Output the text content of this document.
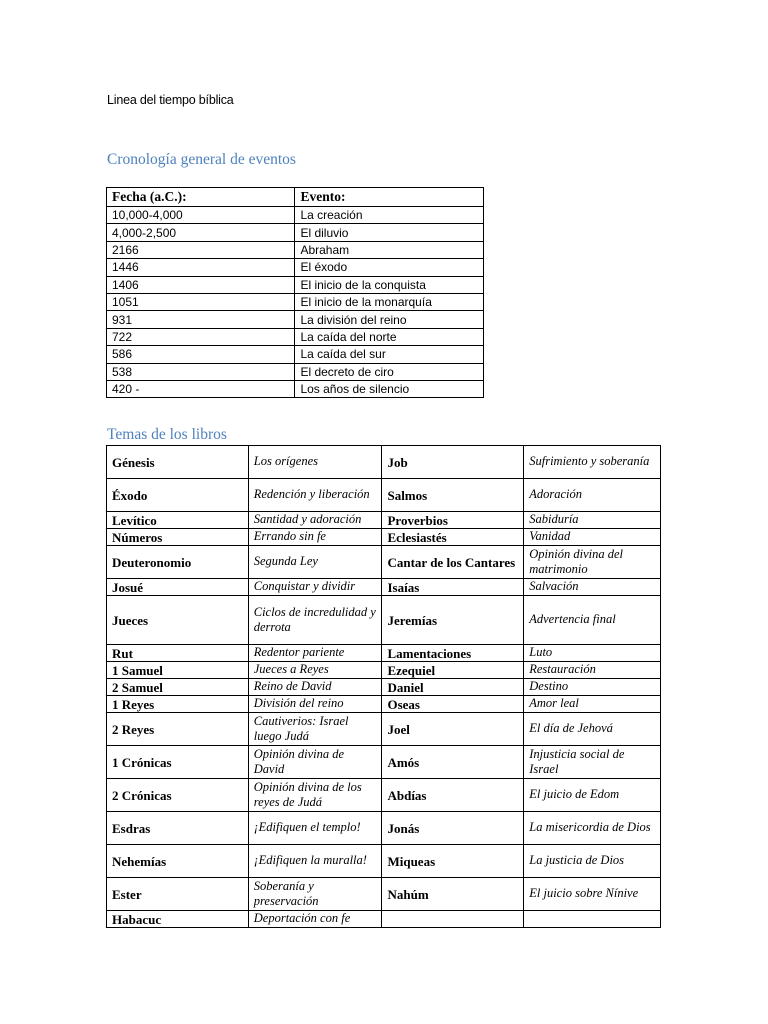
Linea del tiempo bíblica
Cronología general de eventos
Fecha (a.C.):	Evento:
10,000-4,000	La creación
4,000-2,500	El diluvio
2166	Abraham
1446	El éxodo
1406	El inicio de la conquista
1051	El inicio de la monarquía
931	La división del reino
722	La caída del norte
586	La caída del sur
538	El decreto de ciro
420 -	Los años de silencio
Temas de los libros
Génesis	Los orígenes	Job	Sufrimiento y soberanía
Éxodo	Redención y liberación	Salmos	Adoración
Levítico	Santidad y adoración	Proverbios	Sabiduría
Números	Errando sin fe	Eclesiastés	Vanidad
Deuteronomio	Segunda Ley	Cantar de los Cantares	Opinión divina del matrimonio
Josué	Conquistar y dividir	Isaías	Salvación
Jueces	Ciclos de incredulidad y derrota	Jeremías	Advertencia final
Rut	Redentor pariente	Lamentaciones	Luto
1 Samuel	Jueces a Reyes	Ezequiel	Restauración
2 Samuel	Reino de David	Daniel	Destino
1 Reyes	División del reino	Oseas	Amor leal
2 Reyes	Cautiverios: Israel luego Judá	Joel	El día de Jehová
1 Crónicas	Opinión divina de David	Amós	Injusticia social de Israel
2 Crónicas	Opinión divina de los reyes de Judá	Abdías	El juicio de Edom
Esdras	¡Edifiquen el templo!	Jonás	La misericordia de Dios
Nehemías	¡Edifiquen la muralla!	Miqueas	La justicia de Dios
Ester	Soberanía y preservación	Nahúm	El juicio sobre Nínive
Habacuc	Deportación con fe		
